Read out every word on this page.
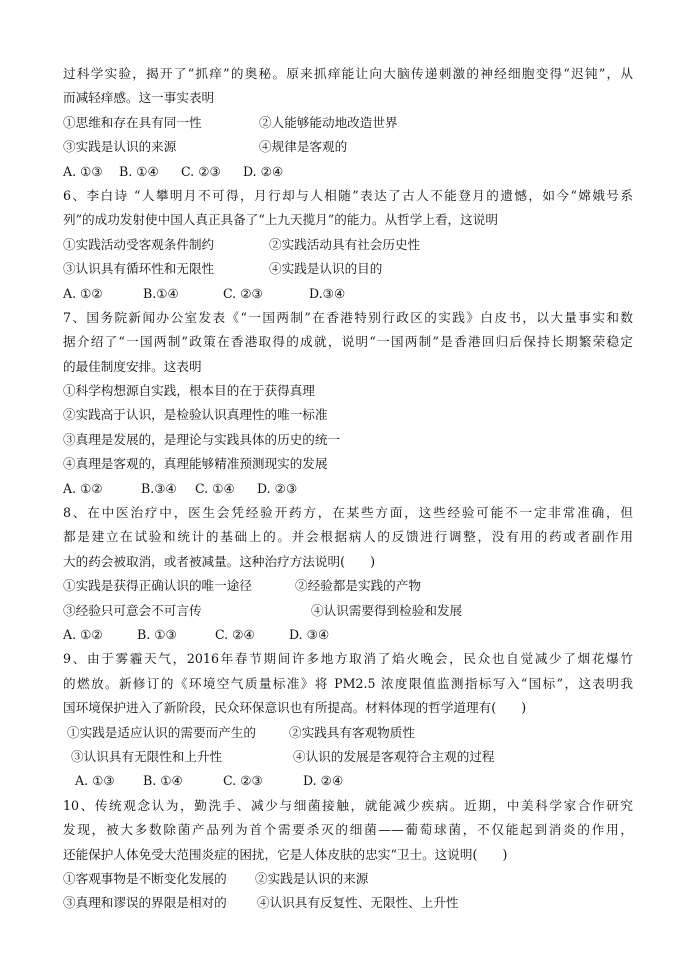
过科学实验，揭开了“抓痒”的奥秘。原来抓痒能让向大脑传递刺激的神经细胞变得“迟钝”，从
而减轻痒感。这一事实表明
①思维和存在具有同一性	②人能够能动地改造世界
③实践是认识的来源	④规律是客观的
A. ①③ B. ①④ C. ②③ D. ②④
6、李白诗 “人攀明月不可得，月行却与人相随”表达了古人不能登月的遗憾，如今“嫦娥号系
列”的成功发射使中国人真正具备了“上九天揽月”的能力。从哲学上看，这说明
①实践活动受客观条件制约	②实践活动具有社会历史性
③认识具有循环性和无限性	④实践是认识的目的
A. ①②	B.①④	C. ②③	D.③④
7、国务院新闻办公室发表《“一国两制”在香港特别行政区的实践》白皮书，以大量事实和数
据介绍了“一国两制”政策在香港取得的成就，说明“一国两制”是香港回归后保持长期繁荣稳定
的最佳制度安排。这表明
①科学构想源自实践，根本目的在于获得真理
②实践高于认识，是检验认识真理性的唯一标准
③真理是发展的，是理论与实践具体的历史的统一
④真理是客观的，真理能够精准预测现实的发展
A. ①②	B.③④ C. ①④ D. ②③
8、在中医治疗中，医生会凭经验开药方，在某些方面，这些经验可能不一定非常准确，但
都是建立在试验和统计的基础上的。并会根据病人的反馈进行调整，没有用的药或者副作用
大的药会被取消，或者被减量。这种治疗方法说明(　　)
①实践是获得正确认识的唯一途径	②经验都是实践的产物
③经验只可意会不可言传	④认识需要得到检验和发展
A. ①②	B. ①③	C. ②④	D. ③④
9、由于雾霾天气，2016年春节期间许多地方取消了焰火晚会，民众也自觉减少了烟花爆竹
的燃放。新修订的《环境空气质量标准》将 PM2.5 浓度限值监测指标写入“国标”，这表明我
国环境保护进入了新阶段，民众环保意识也有所提高。材料体现的哲学道理有(　　)
①实践是适应认识的需要而产生的	②实践具有客观物质性
③认识具有无限性和上升性	④认识的发展是客观符合主观的过程
A. ①③ B. ①④	C. ②③	D. ②④
10、传统观念认为，勤洗手、减少与细菌接触，就能减少疾病。近期，中美科学家合作研究
发现，被大多数除菌产品列为首个需要杀灭的细菌——葡萄球菌，不仅能起到消炎的作用，
还能保护人体免受大范围炎症的困扰，它是人体皮肤的忠实“卫士。这说明(　　)
①客观事物是不断变化发展的 ②实践是认识的来源
③真理和谬误的界限是相对的 ④认识具有反复性、无限性、上升性
